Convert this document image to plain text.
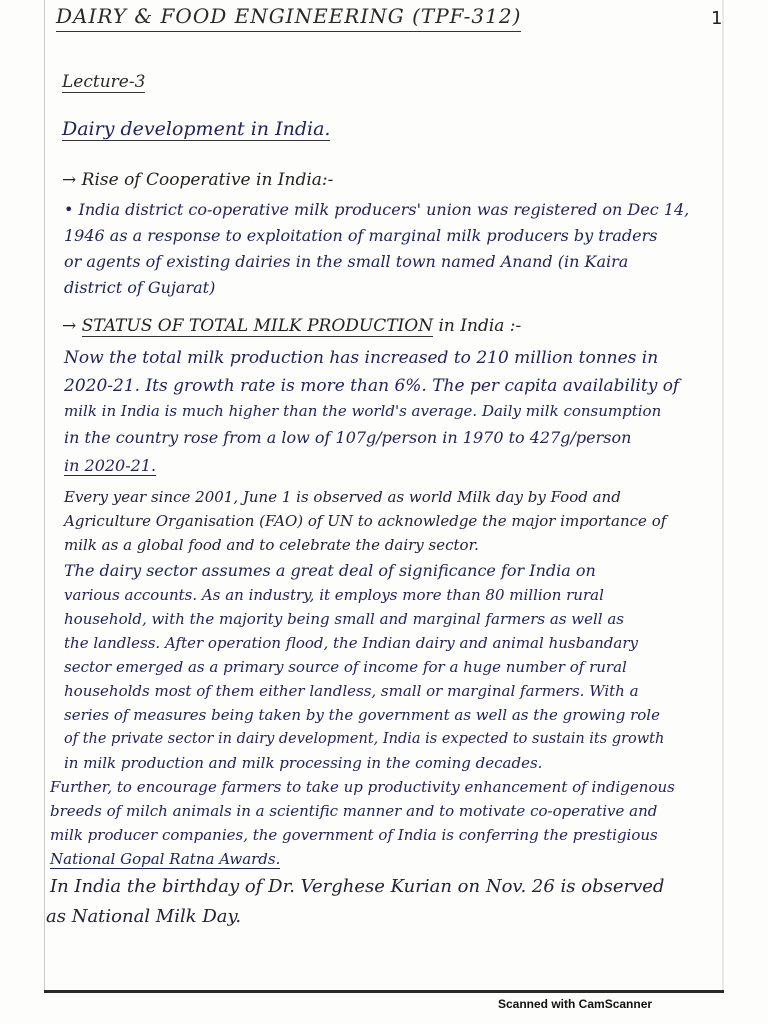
DAIRY & FOOD ENGINEERING (TPF-312)	1
Lecture-3
Dairy development in India.
→ Rise of Cooperative in India:-
• India district co-operative milk producers' union was registered on Dec 14,
1946 as a response to exploitation of marginal milk producers by traders
or agents of existing dairies in the small town named Anand (in Kaira
district of Gujarat)
→ STATUS OF TOTAL MILK PRODUCTION in India :-
Now the total milk production has increased to 210 million tonnes in
2020-21. Its growth rate is more than 6%. The per capita availability of
milk in India is much higher than the world's average. Daily milk consumption
in the country rose from a low of 107g/person in 1970 to 427g/person
in 2020-21.
Every year since 2001, June 1 is observed as world Milk day by Food and
Agriculture Organisation (FAO) of UN to acknowledge the major importance of
milk as a global food and to celebrate the dairy sector.
The dairy sector assumes a great deal of significance for India on
various accounts. As an industry, it employs more than 80 million rural
household, with the majority being small and marginal farmers as well as
the landless. After operation flood, the Indian dairy and animal husbandary
sector emerged as a primary source of income for a huge number of rural
households most of them either landless, small or marginal farmers. With a
series of measures being taken by the government as well as the growing role
of the private sector in dairy development, India is expected to sustain its growth
in milk production and milk processing in the coming decades.
Further, to encourage farmers to take up productivity enhancement of indigenous
breeds of milch animals in a scientific manner and to motivate co-operative and
milk producer companies, the government of India is conferring the prestigious
National Gopal Ratna Awards.
In India the birthday of Dr. Verghese Kurian on Nov. 26 is observed
as National Milk Day.
Scanned with CamScanner
